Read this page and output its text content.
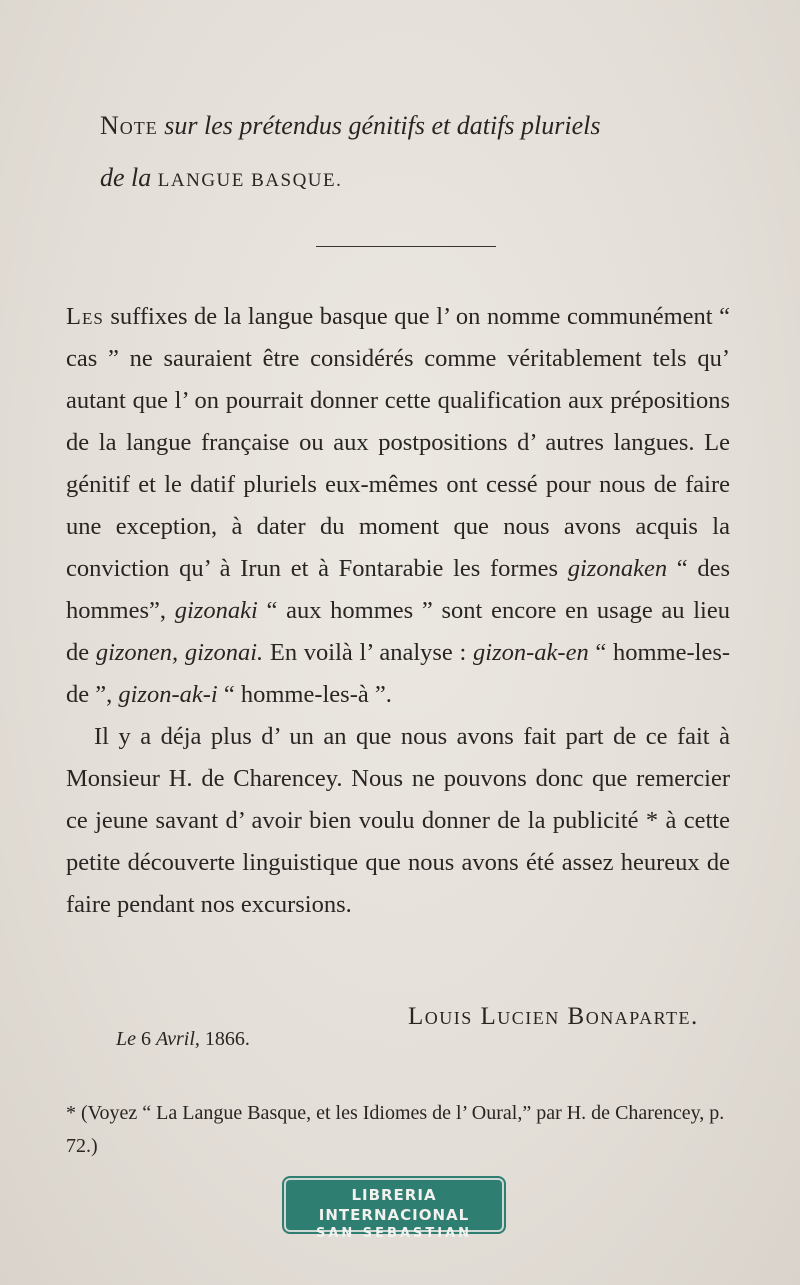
Note sur les prétendus génitifs et datifs pluriels
de la LANGUE BASQUE.

Les suffixes de la langue basque que l’ on nomme communément “ cas ” ne sauraient être considérés comme véritablement tels qu’ autant que l’ on pourrait donner cette qualification aux prépositions de la langue française ou aux postpositions d’ autres langues. Le génitif et le datif pluriels eux-mêmes ont cessé pour nous de faire une exception, à dater du moment que nous avons acquis la conviction qu’ à Irun et à Fontarabie les formes gizonaken “ des hommes”, gizonaki “ aux hommes ” sont encore en usage au lieu de gizonen, gizonai. En voilà l’ analyse : gizon-ak-en “ homme-les-de ”, gizon-ak-i “ homme-les-à ”.

Il y a déja plus d’ un an que nous avons fait part de ce fait à Monsieur H. de Charencey. Nous ne pouvons donc que remercier ce jeune savant d’ avoir bien voulu donner de la publicité * à cette petite découverte linguistique que nous avons été assez heureux de faire pendant nos excursions.

Louis Lucien Bonaparte.
Le 6 Avril, 1866.
* (Voyez “ La Langue Basque, et les Idiomes de l’ Oural,” par H. de Charencey, p. 72.)
LIBRERIA INTERNACIONAL
SAN SEBASTIAN
